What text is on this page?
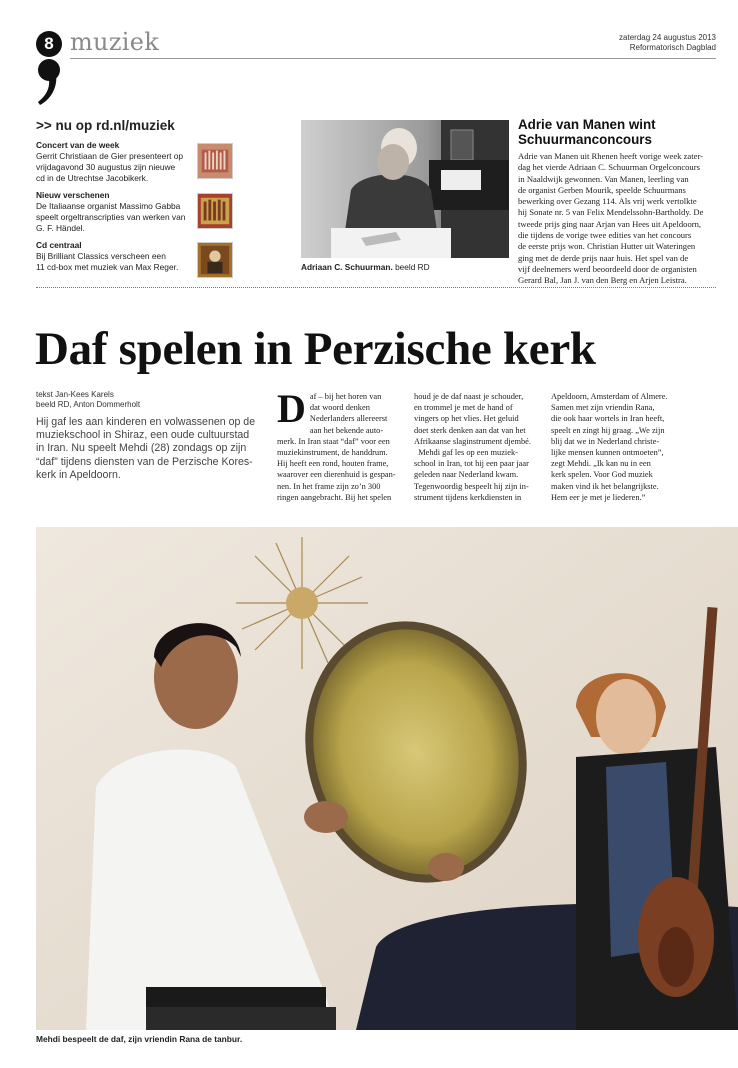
8 muziek	zaterdag 24 augustus 2013
Reformatorisch Dagblad
>> nu op rd.nl/muziek
Concert van de week
Gerrit Christiaan de Gier presenteert op
vrijdagavond 30 augustus zijn nieuwe
cd in de Utrechtse Jacobikerk.
Nieuw verschenen
De Italiaanse organist Massimo Gabba
speelt orgeltranscripties van werken van
G. F. Händel.
Cd centraal
Bij Brilliant Classics verscheen een
11 cd-box met muziek van Max Reger.	Adriaan C. Schuurman. beeld RD
Adrie van Manen wint
Schuurmanconcours
Adrie van Manen uit Rhenen heeft vorige week zater-
dag het vierde Adriaan C. Schuurman Orgelconcours
in Naaldwijk gewonnen. Van Manen, leerling van
de organist Gerben Mourik, speelde Schuurmans
bewerking over Gezang 114. Als vrij werk vertolkte
hij Sonate nr. 5 van Felix Mendelssohn-Bartholdy. De
tweede prijs ging naar Arjan van Hees uit Apeldoorn,
die tijdens de vorige twee edities van het concours
de eerste prijs won. Christian Hutter uit Wateringen
ging met de derde prijs naar huis. Het spel van de
vijf deelnemers werd beoordeeld door de organisten
Gerard Bal, Jan J. van den Berg en Arjen Leistra.
Daf spelen in Perzische kerk
tekst Jan-Kees Karels
beeld RD, Anton Dommerholt
Hij gaf les aan kinderen en volwassenen op de
muziekschool in Shiraz, een oude cultuurstad
in Iran. Nu speelt Mehdi (28) zondags op zijn
“daf” tijdens diensten van de Perzische Kores-
kerk in Apeldoorn.
D af – bij het horen van
dat woord denken
Nederlanders allereerst
aan het bekende auto-
merk. In Iran staat “daf” voor een
muziekinstrument, de handdrum.
Hij heeft een rond, houten frame,
waarover een dierenhuid is gespan-
nen. In het frame zijn zo’n 300
ringen aangebracht. Bij het spelen
houd je de daf naast je schouder,
en trommel je met de hand of
vingers op het vlies. Het geluid
doet sterk denken aan dat van het
Afrikaanse slaginstrument djembé.
Mehdi gaf les op een muziek-
school in Iran, tot hij een paar jaar
geleden naar Nederland kwam.
Tegenwoordig bespeelt hij zijn in-
strument tijdens kerkdiensten in
Apeldoorn, Amsterdam of Almere.
Samen met zijn vriendin Rana,
die ook haar wortels in Iran heeft,
speelt en zingt hij graag. „We zijn
blij dat we in Nederland christe-
lijke mensen kunnen ontmoeten”,
zegt Mehdi. „Ik kan nu in een
kerk spelen. Voor God muziek
maken vind ik het belangrijkste.
Hem eer je met je liederen.”
Mehdi bespeelt de daf, zijn vriendin Rana de tanbur.
